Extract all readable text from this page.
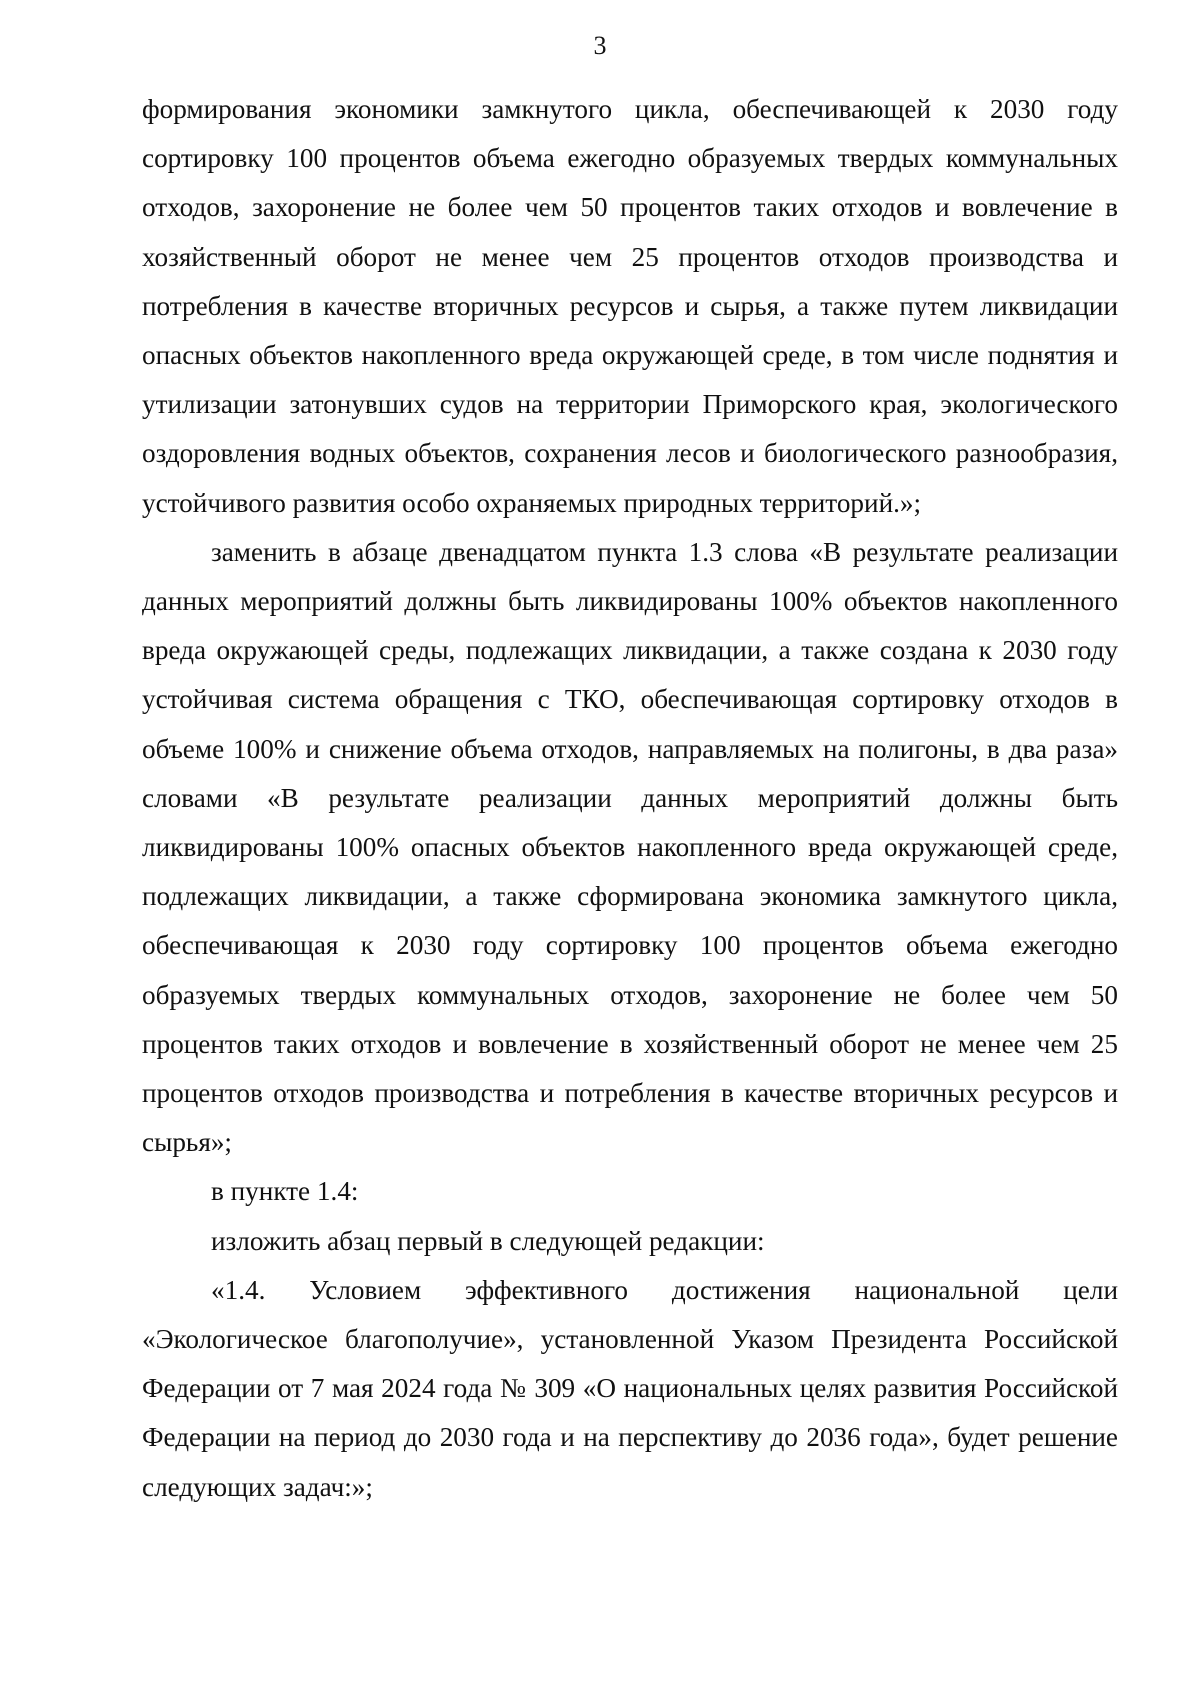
3

формирования экономики замкнутого цикла, обеспечивающей к 2030 году сортировку 100 процентов объема ежегодно образуемых твердых коммунальных отходов, захоронение не более чем 50 процентов таких отходов и вовлечение в хозяйственный оборот не менее чем 25 процентов отходов производства и потребления в качестве вторичных ресурсов и сырья, а также путем ликвидации опасных объектов накопленного вреда окружающей среде, в том числе поднятия и утилизации затонувших судов на территории Приморского края, экологического оздоровления водных объектов, сохранения лесов и биологического разнообразия, устойчивого развития особо охраняемых природных территорий.»;

заменить в абзаце двенадцатом пункта 1.3 слова «В результате реализации данных мероприятий должны быть ликвидированы 100% объектов накопленного вреда окружающей среды, подлежащих ликвидации, а также создана к 2030 году устойчивая система обращения с ТКО, обеспечивающая сортировку отходов в объеме 100% и снижение объема отходов, направляемых на полигоны, в два раза» словами «В результате реализации данных мероприятий должны быть ликвидированы 100% опасных объектов накопленного вреда окружающей среде, подлежащих ликвидации, а также сформирована экономика замкнутого цикла, обеспечивающая к 2030 году сортировку 100 процентов объема ежегодно образуемых твердых коммунальных отходов, захоронение не более чем 50 процентов таких отходов и вовлечение в хозяйственный оборот не менее чем 25 процентов отходов производства и потребления в качестве вторичных ресурсов и сырья»;

в пункте 1.4:

изложить абзац первый в следующей редакции:

«1.4. Условием эффективного достижения национальной цели «Экологическое благополучие», установленной Указом Президента Российской Федерации от 7 мая 2024 года № 309 «О национальных целях развития Российской Федерации на период до 2030 года и на перспективу до 2036 года», будет решение следующих задач:»;
